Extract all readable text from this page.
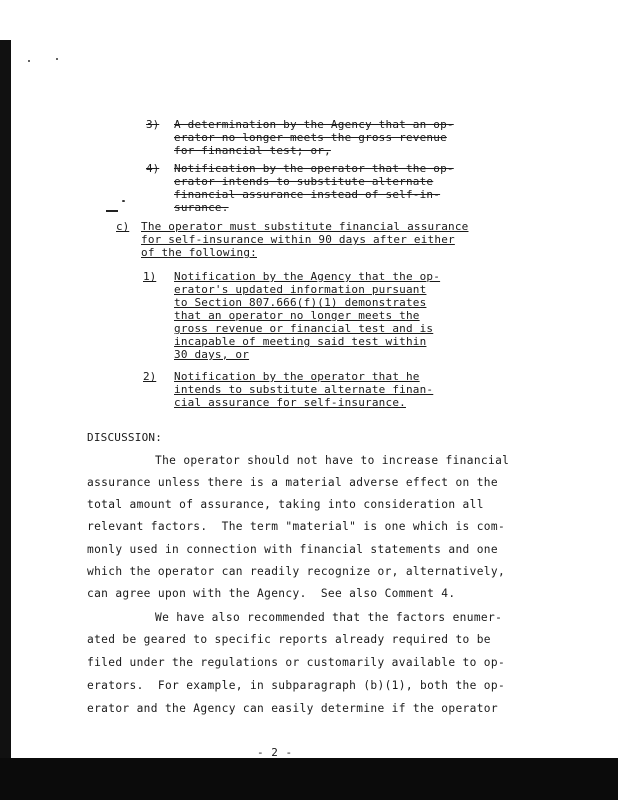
3) A determination by the Agency that an op-
erator no longer meets the gross revenue
for financial test; or,
4) Notification by the operator that the op-
erator intends to substitute alternate
financial assurance instead of self-in-
surance.
c) The operator must substitute financial assurance
for self-insurance within 90 days after either
of the following:
1) Notification by the Agency that the op-
erator's updated information pursuant
to Section 807.666(f)(1) demonstrates
that an operator no longer meets the
gross revenue or financial test and is
incapable of meeting said test within
30 days, or
2) Notification by the operator that he
intends to substitute alternate finan-
cial assurance for self-insurance.
DISCUSSION:
The operator should not have to increase financial
assurance unless there is a material adverse effect on the
total amount of assurance, taking into consideration all
relevant factors.  The term "material" is one which is com-
monly used in connection with financial statements and one
which the operator can readily recognize or, alternatively,
can agree upon with the Agency.  See also Comment 4.
We have also recommended that the factors enumer-
ated be geared to specific reports already required to be
filed under the regulations or customarily available to op-
erators.  For example, in subparagraph (b)(1), both the op-
erator and the Agency can easily determine if the operator
- 2 -
